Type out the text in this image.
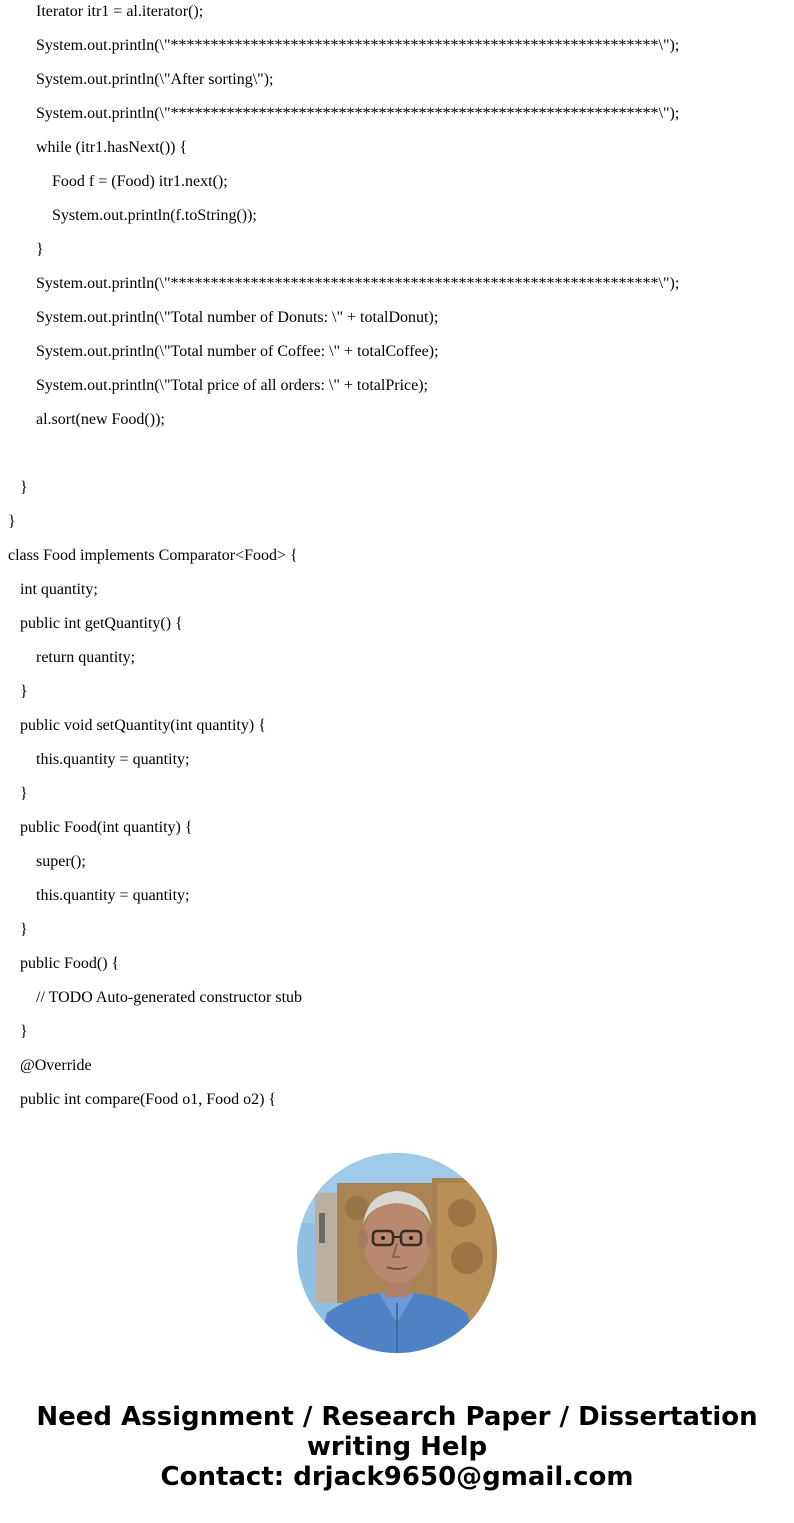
Iterator itr1 = al.iterator();
System.out.println(\"*************************************************************\");
System.out.println(\"After sorting\");
System.out.println(\"*************************************************************\");
while (itr1.hasNext()) {
Food f = (Food) itr1.next();
System.out.println(f.toString());
}
System.out.println(\"*************************************************************\");
System.out.println(\"Total number of Donuts: \" + totalDonut);
System.out.println(\"Total number of Coffee: \" + totalCoffee);
System.out.println(\"Total price of all orders: \" + totalPrice);
al.sort(new Food());
}
}
class Food implements Comparator<Food> {
int quantity;
public int getQuantity() {
return quantity;
}
public void setQuantity(int quantity) {
this.quantity = quantity;
}
public Food(int quantity) {
super();
this.quantity = quantity;
}
public Food() {
// TODO Auto-generated constructor stub
}
@Override
public int compare(Food o1, Food o2) {
Need Assignment / Research Paper / Dissertation
writing Help
Contact: drjack9650@gmail.com
